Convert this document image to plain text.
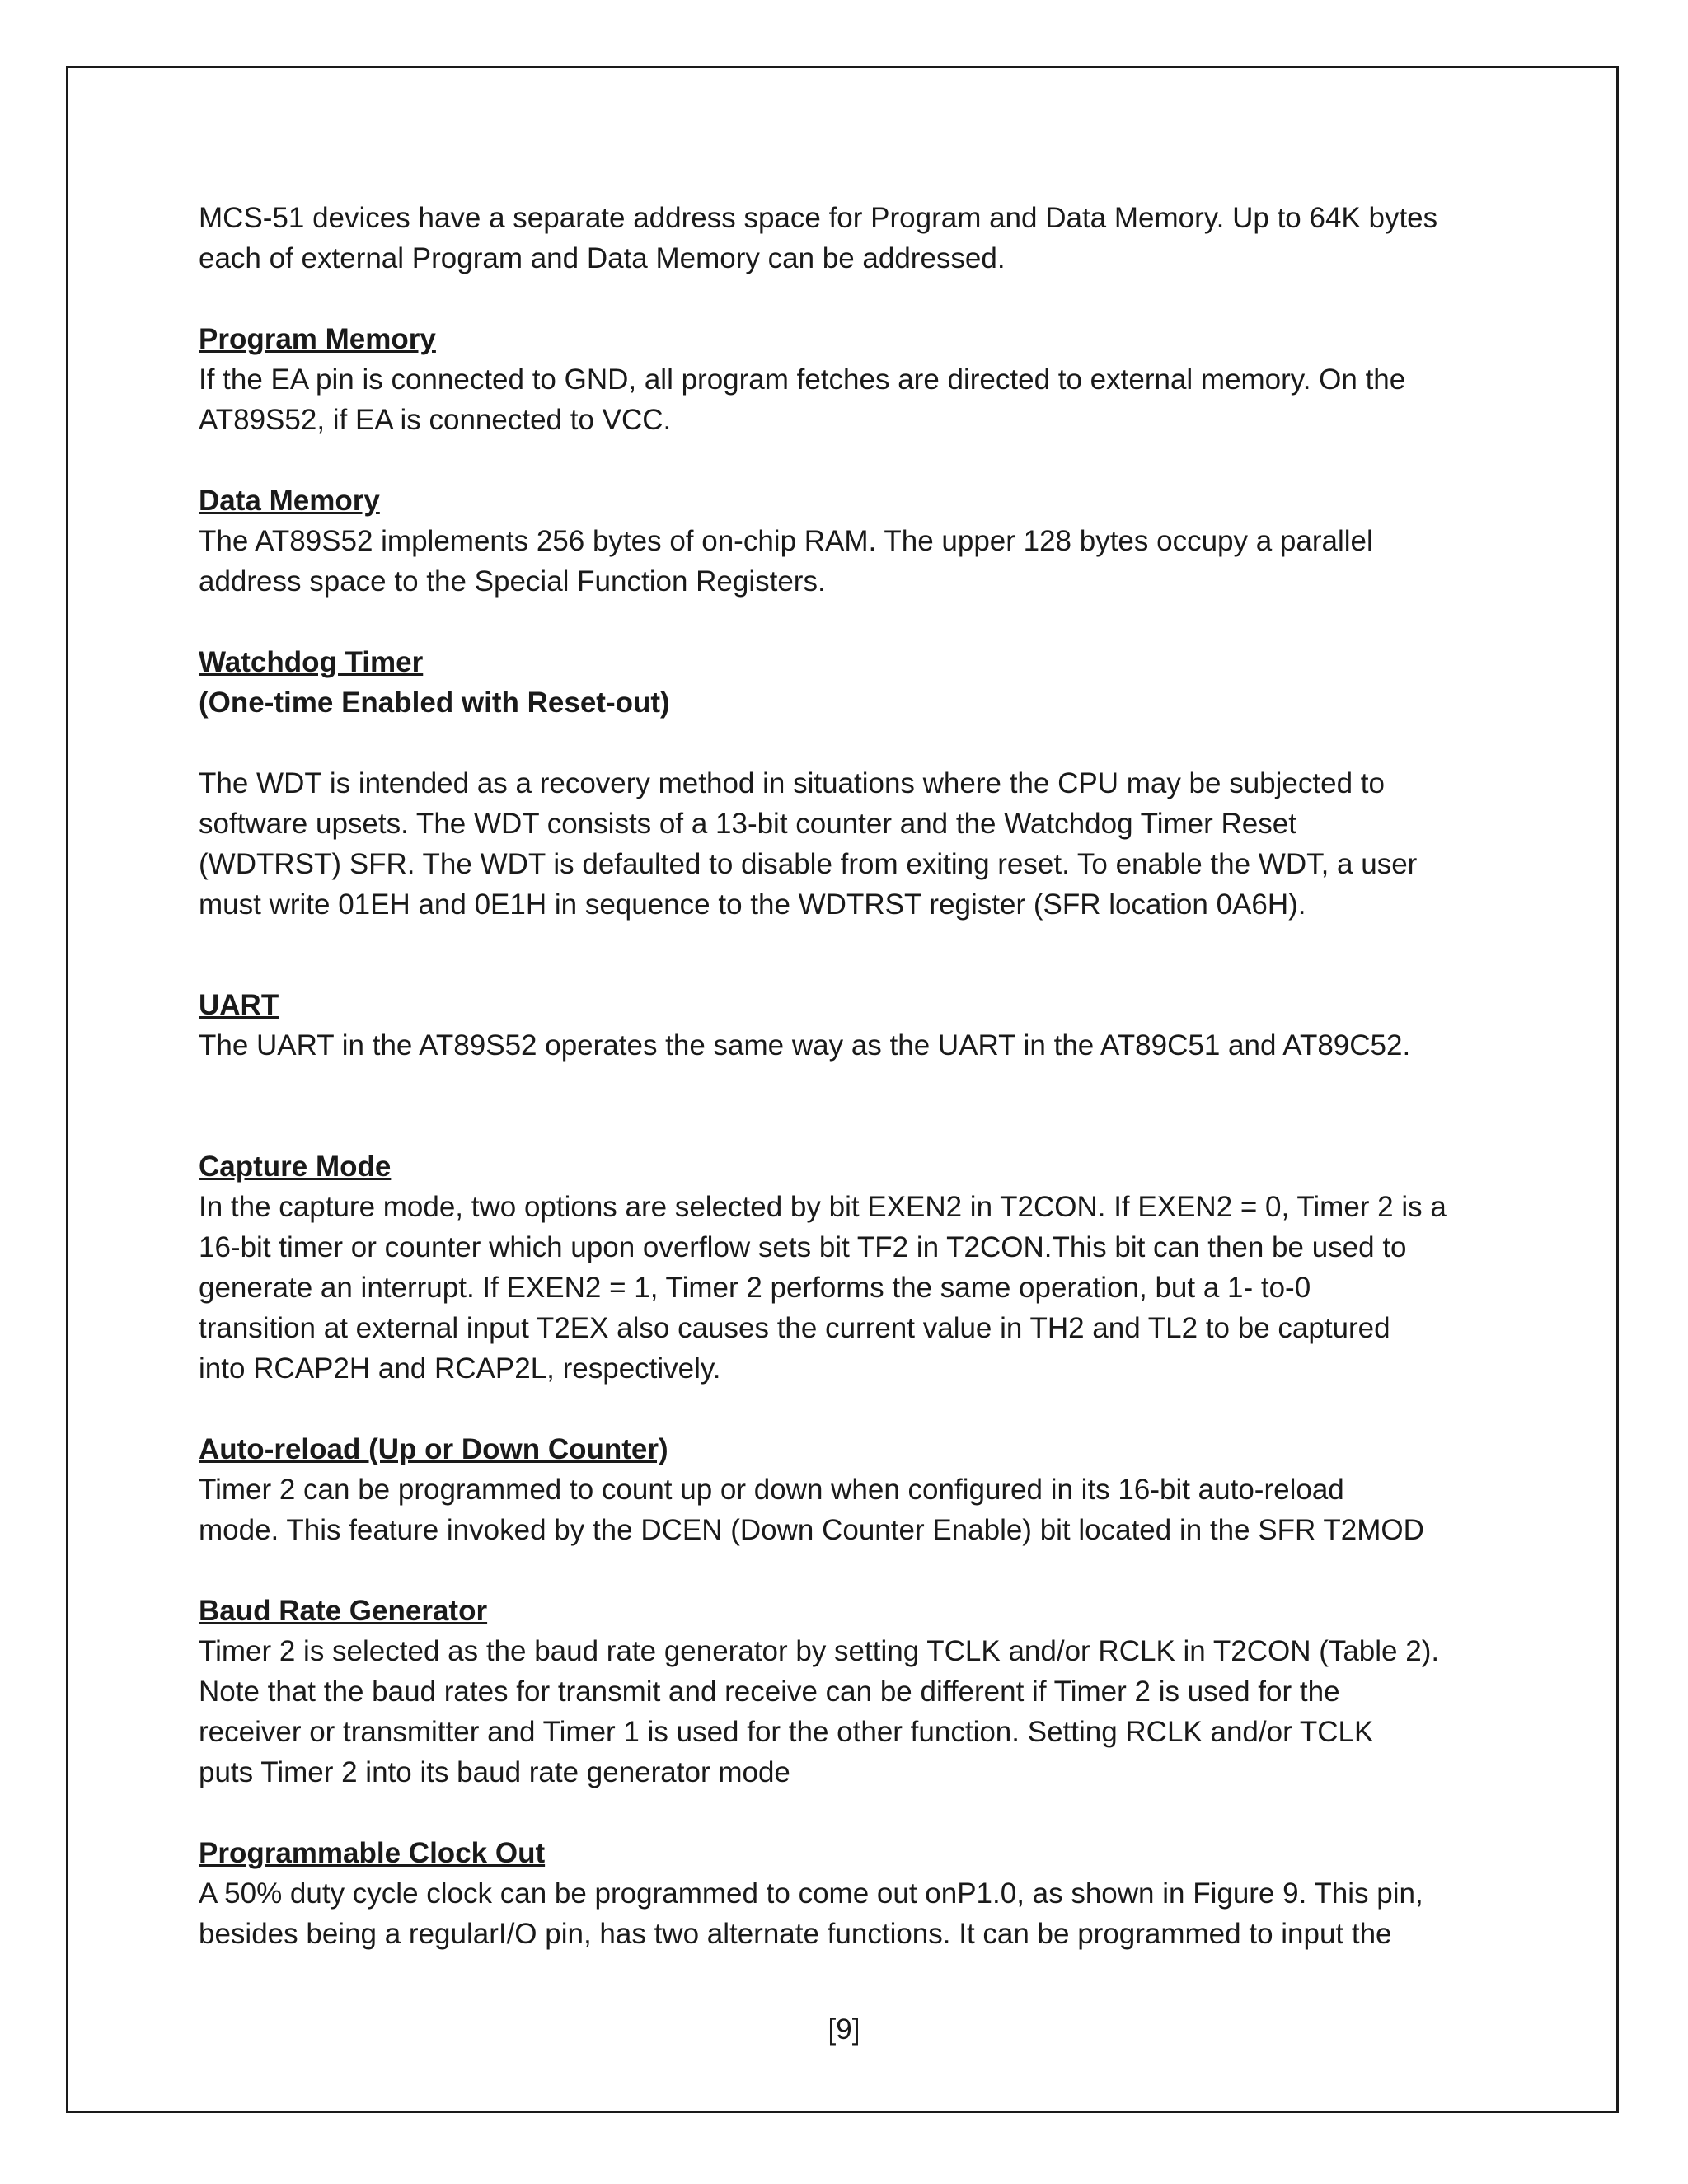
MCS-51 devices have a separate address space for Program and Data Memory. Up to 64K bytes

each of external Program and Data Memory can be addressed.

Program Memory

If the EA pin is connected to GND, all program fetches are directed to external memory. On the

AT89S52, if EA is connected to VCC.

Data Memory

The AT89S52 implements 256 bytes of on-chip RAM. The upper 128 bytes occupy a parallel

address space to the Special Function Registers.

Watchdog Timer
(One-time Enabled with Reset-out)

The WDT is intended as a recovery method in situations where the CPU may be subjected to

software upsets. The WDT consists of a 13-bit counter and the Watchdog Timer Reset

(WDTRST) SFR. The WDT is defaulted to disable from exiting reset. To enable the WDT, a user

must write 01EH and 0E1H in sequence to the WDTRST register (SFR location 0A6H).

UART

The UART in the AT89S52 operates the same way as the UART in the AT89C51 and AT89C52.

Capture Mode

In the capture mode, two options are selected by bit EXEN2 in T2CON. If EXEN2 = 0, Timer 2 is a

16-bit timer or counter which upon overflow sets bit TF2 in T2CON.This bit can then be used to

generate an interrupt. If EXEN2 = 1, Timer 2 performs the same operation, but a 1- to-0

transition at external input T2EX also causes the current value in TH2 and TL2 to be captured

into RCAP2H and RCAP2L, respectively.

Auto-reload (Up or Down Counter)

Timer 2 can be programmed to count up or down when configured in its 16-bit auto-reload

mode. This feature invoked by the DCEN (Down Counter Enable) bit located in the SFR T2MOD

Baud Rate Generator

Timer 2 is selected as the baud rate generator by setting TCLK and/or RCLK in T2CON (Table 2).

Note that the baud rates for transmit and receive can be different if Timer 2 is used for the

receiver or transmitter and Timer 1 is used for the other function. Setting RCLK and/or TCLK

puts Timer 2 into its baud rate generator mode

Programmable Clock Out

A 50% duty cycle clock can be programmed to come out onP1.0, as shown in Figure 9. This pin,

besides being a regularI/O pin, has two alternate functions. It can be programmed to input the

[9]
